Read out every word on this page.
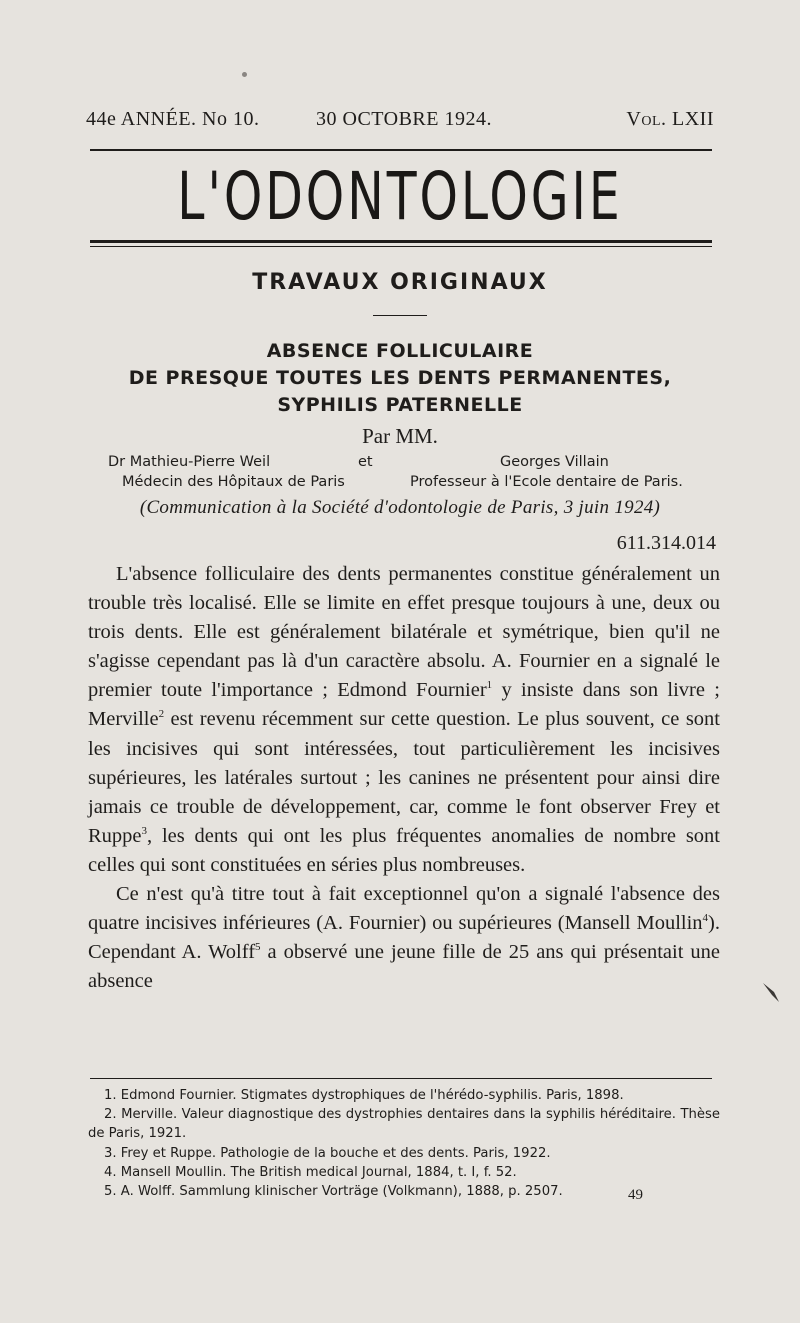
44e ANNÉE. No 10.	30 OCTOBRE 1924.	Vol. LXII
L'ODONTOLOGIE
TRAVAUX ORIGINAUX
ABSENCE FOLLICULAIRE
DE PRESQUE TOUTES LES DENTS PERMANENTES,
SYPHILIS PATERNELLE
Par MM.
Dr Mathieu-Pierre Weil	et	Georges Villain
Médecin des Hôpitaux de Paris	Professeur à l'Ecole dentaire de Paris.
(Communication à la Société d'odontologie de Paris, 3 juin 1924)
611.314.014

L'absence folliculaire des dents permanentes constitue généralement un trouble très localisé. Elle se limite en effet presque toujours à une, deux ou trois dents. Elle est généralement bilatérale et symétrique, bien qu'il ne s'agisse cependant pas là d'un caractère absolu. A. Fournier en a signalé le premier toute l'importance ; Edmond Fournier$^1$ y insiste dans son livre ; Merville$^2$ est revenu récemment sur cette question. Le plus souvent, ce sont les incisives qui sont intéressées, tout particulièrement les incisives supérieures, les latérales surtout ; les canines ne présentent pour ainsi dire jamais ce trouble de développement, car, comme le font observer Frey et Ruppe$^3$, les dents qui ont les plus fréquentes anomalies de nombre sont celles qui sont constituées en séries plus nombreuses.

Ce n'est qu'à titre tout à fait exceptionnel qu'on a signalé l'absence des quatre incisives inférieures (A. Fournier) ou supérieures (Mansell Moullin$^4$). Cependant A. Wolff$^5$ a observé une jeune fille de 25 ans qui présentait une absence

1. Edmond Fournier. Stigmates dystrophiques de l'hérédo-syphilis. Paris, 1898.
2. Merville. Valeur diagnostique des dystrophies dentaires dans la syphilis héréditaire. Thèse de Paris, 1921.
3. Frey et Ruppe. Pathologie de la bouche et des dents. Paris, 1922.
4. Mansell Moullin. The British medical Journal, 1884, t. I, f. 52.
5. A. Wolff. Sammlung klinischer Vorträge (Volkmann), 1888, p. 2507.	49
